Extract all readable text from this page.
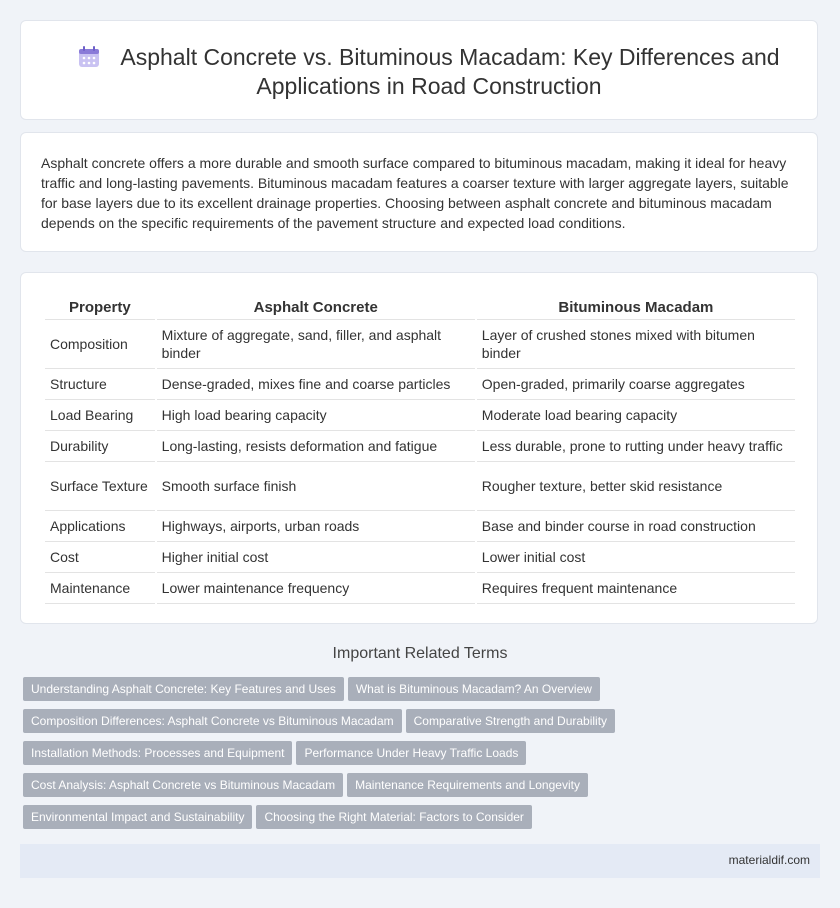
Asphalt Concrete vs. Bituminous Macadam: Key Differences and Applications in Road Construction

Asphalt concrete offers a more durable and smooth surface compared to bituminous macadam, making it ideal for heavy traffic and long-lasting pavements. Bituminous macadam features a coarser texture with larger aggregate layers, suitable for base layers due to its excellent drainage properties. Choosing between asphalt concrete and bituminous macadam depends on the specific requirements of the pavement structure and expected load conditions.

Property	Asphalt Concrete	Bituminous Macadam
Composition	Mixture of aggregate, sand, filler, and asphalt binder	Layer of crushed stones mixed with bitumen binder
Structure	Dense-graded, mixes fine and coarse particles	Open-graded, primarily coarse aggregates
Load Bearing	High load bearing capacity	Moderate load bearing capacity
Durability	Long-lasting, resists deformation and fatigue	Less durable, prone to rutting under heavy traffic
Surface Texture	Smooth surface finish	Rougher texture, better skid resistance
Applications	Highways, airports, urban roads	Base and binder course in road construction
Cost	Higher initial cost	Lower initial cost
Maintenance	Lower maintenance frequency	Requires frequent maintenance
Important Related Terms
Understanding Asphalt Concrete: Key Features and Uses What is Bituminous Macadam? An Overview
Composition Differences: Asphalt Concrete vs Bituminous Macadam Comparative Strength and Durability
Installation Methods: Processes and Equipment Performance Under Heavy Traffic Loads
Cost Analysis: Asphalt Concrete vs Bituminous Macadam Maintenance Requirements and Longevity
Environmental Impact and Sustainability Choosing the Right Material: Factors to Consider
materialdif.com
